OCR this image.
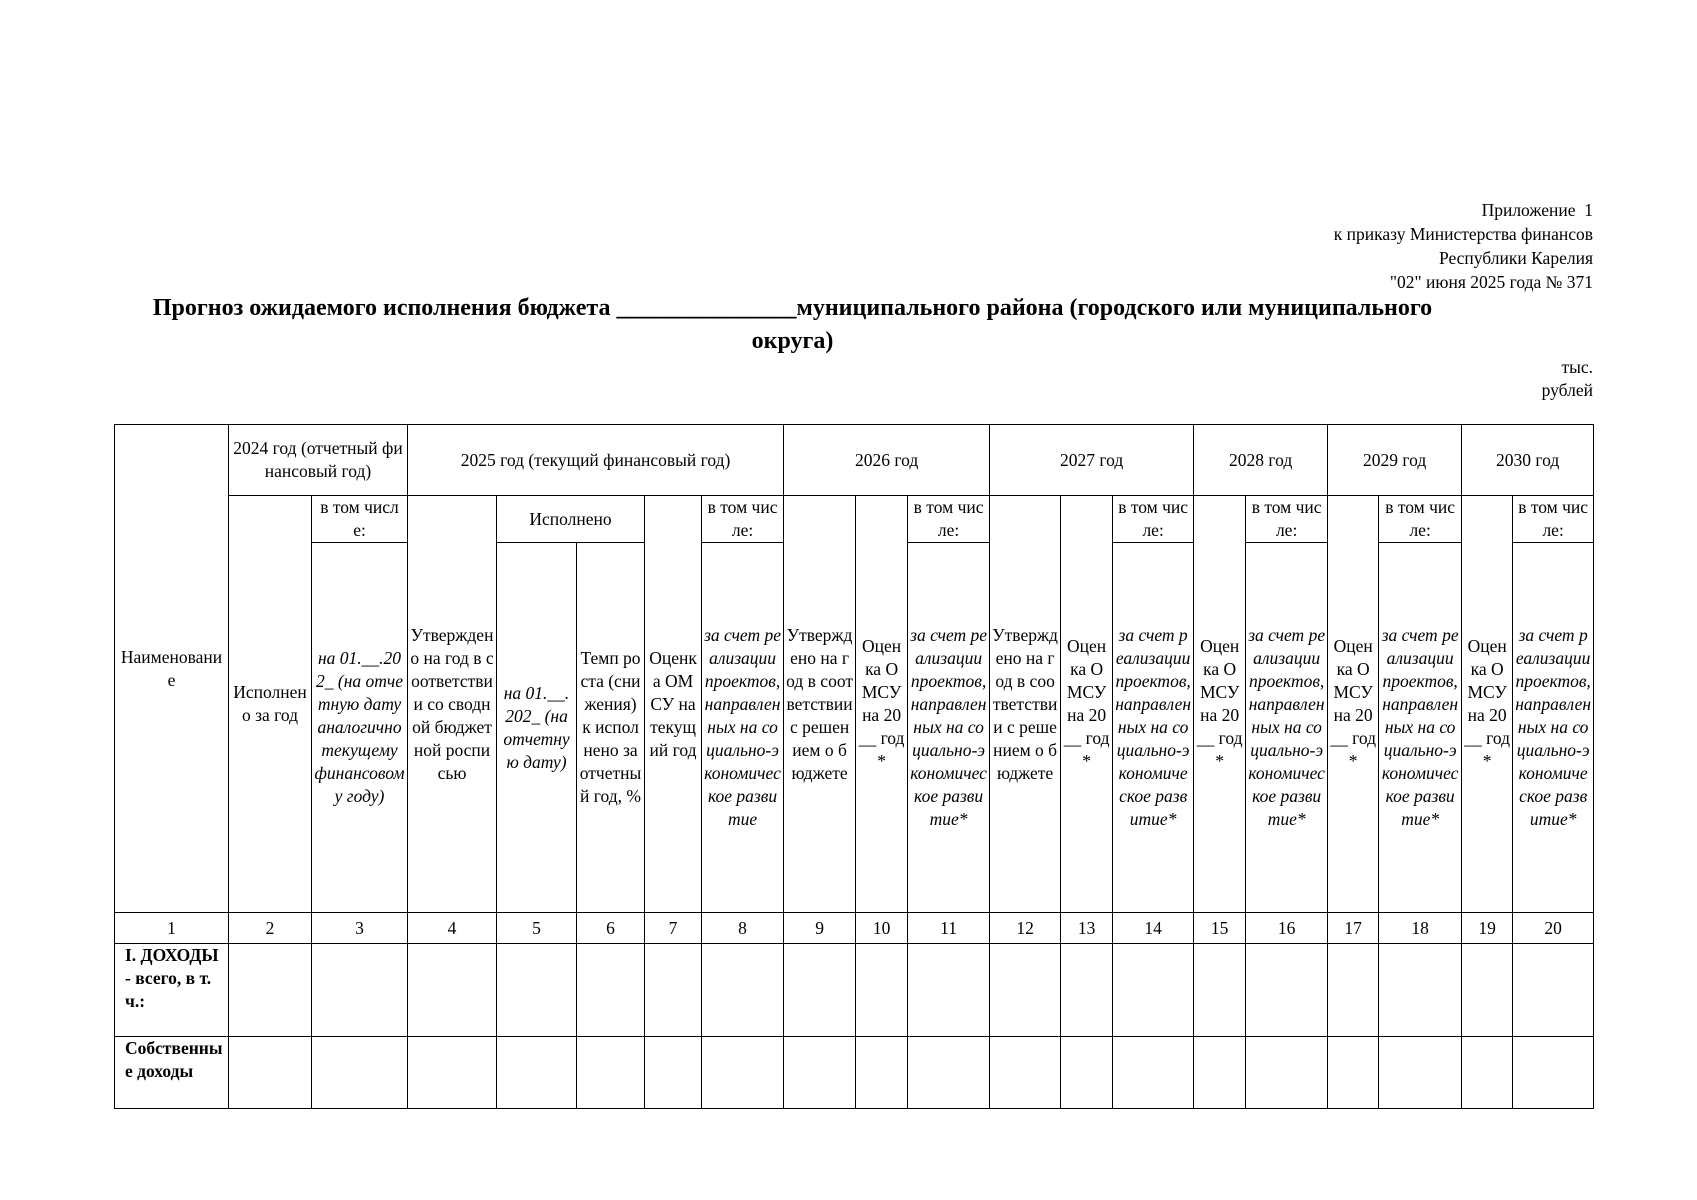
Приложение  1
к приказу Министерства финансов
Республики Карелия
"02" июня 2025 года № 371
Прогноз ожидаемого исполнения бюджета _______________муниципального района (городского или муниципального округа)
тыс. рублей
Наименование	2024 год (отчетный финансовый год)		2025 год (текущий финансовый год)					2026 год			2027 год			2028 год		2029 год		2030 год	
	Исполнено за год	в том числе:	Утверждено на год в соответствии со сводной бюджетной росписью	Исполнено		Оценка ОМСУ на текущий год	в том числе:	Утверждено на год в соответствии с решением о бюджете	Оценка ОМСУ на 20__ год*	в том числе:	Утверждено на год в соответствии с решением о бюджете	Оценка ОМСУ на 20__ год*	в том числе:	Оценка ОМСУ на 20__ год*	в том числе:	Оценка ОМСУ на 20__ год*	в том числе:	Оценка ОМСУ на 20__ год*	в том числе:
		на 01.__.202_ (на отчетную дату аналогично текущему финансовому году)		на 01.__. 202_ (на отчетную дату)	Темп роста (снижения) к исполнено за отчетный год, %		за счет реализации проектов, направленных на социально-экономическое развитие			за счет реализации проектов, направленных на социально-экономическое развитие*			за счет реализации проектов, направленных на социально-экономическое развитие*		за счет реализации проектов, направленных на социально-экономическое развитие*		за счет реализации проектов, направленных на социально-экономическое развитие*		за счет реализации проектов, направленных на социально-экономическое развитие*

1	2	3	4	5	6	7	8	9	10	11	12	13	14	15	16	17	18	19	20
I. ДОХОДЫ - всего, в т.ч.:																			
Собственные доходы																			
